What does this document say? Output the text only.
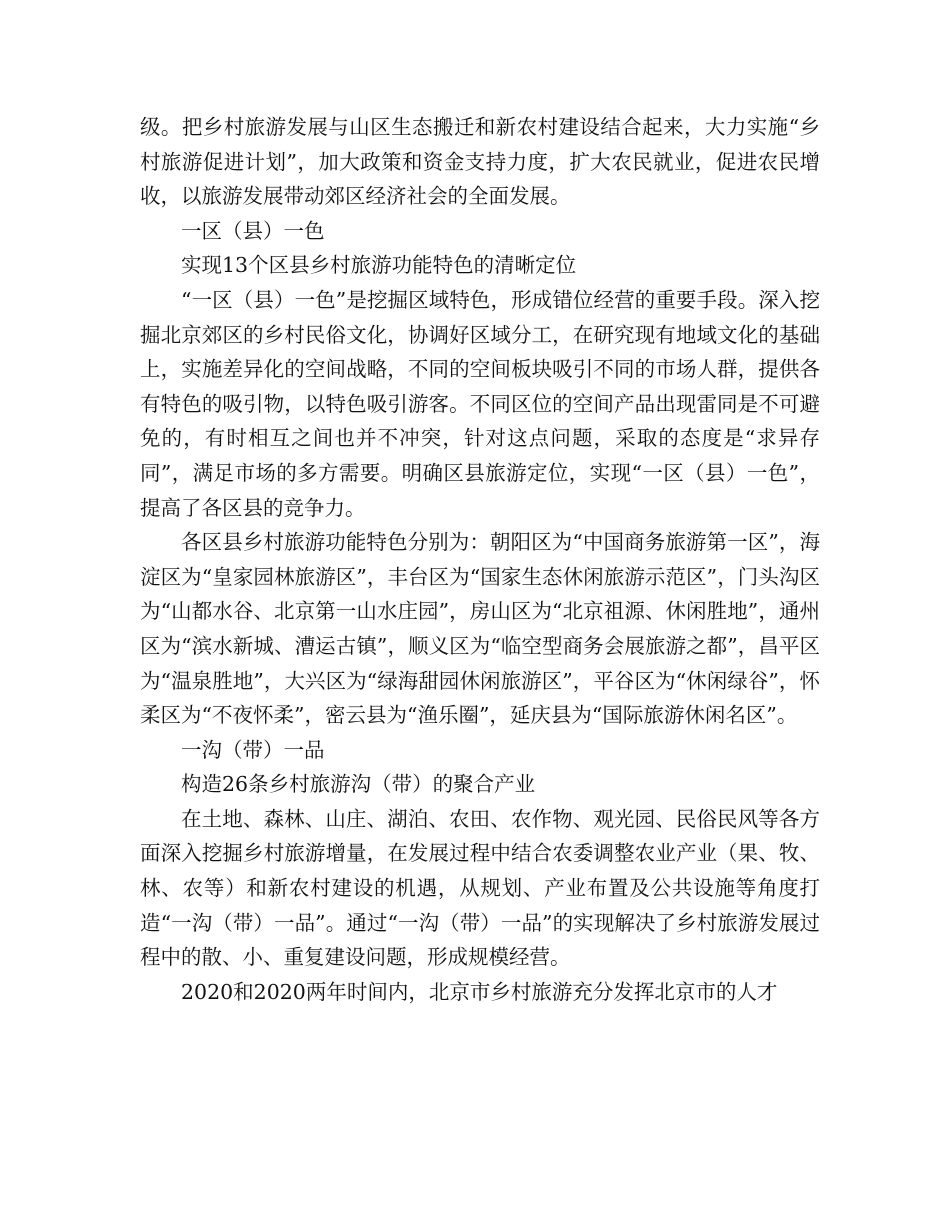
级。把乡村旅游发展与山区生态搬迁和新农村建设结合起来，大力实施“乡村旅游促进计划”，加大政策和资金支持力度，扩大农民就业，促进农民增收，以旅游发展带动郊区经济社会的全面发展。

一区（县）一色

实现13个区县乡村旅游功能特色的清晰定位

“一区（县）一色”是挖掘区域特色，形成错位经营的重要手段。深入挖掘北京郊区的乡村民俗文化，协调好区域分工，在研究现有地域文化的基础上，实施差异化的空间战略，不同的空间板块吸引不同的市场人群，提供各有特色的吸引物，以特色吸引游客。不同区位的空间产品出现雷同是不可避免的，有时相互之间也并不冲突，针对这点问题，采取的态度是“求异存同”，满足市场的多方需要。明确区县旅游定位，实现“一区（县）一色”，提高了各区县的竞争力。

各区县乡村旅游功能特色分别为：朝阳区为“中国商务旅游第一区”，海淀区为“皇家园林旅游区”，丰台区为“国家生态休闲旅游示范区”，门头沟区为“山都水谷、北京第一山水庄园”，房山区为“北京祖源、休闲胜地”，通州区为“滨水新城、漕运古镇”，顺义区为“临空型商务会展旅游之都”，昌平区为“温泉胜地”，大兴区为“绿海甜园休闲旅游区”，平谷区为“休闲绿谷”，怀柔区为“不夜怀柔”，密云县为“渔乐圈”，延庆县为“国际旅游休闲名区”。

一沟（带）一品

构造26条乡村旅游沟（带）的聚合产业

在土地、森林、山庄、湖泊、农田、农作物、观光园、民俗民风等各方面深入挖掘乡村旅游增量，在发展过程中结合农委调整农业产业（果、牧、林、农等）和新农村建设的机遇，从规划、产业布置及公共设施等角度打造“一沟（带）一品”。通过“一沟（带）一品”的实现解决了乡村旅游发展过程中的散、小、重复建设问题，形成规模经营。

2020和2020两年时间内，北京市乡村旅游充分发挥北京市的人才
